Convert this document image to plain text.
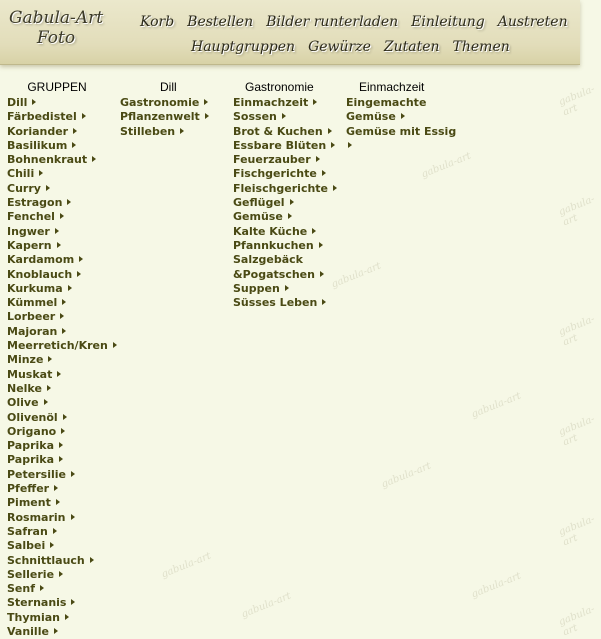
Gabula-Art
Foto
Korb Bestellen Bilder runterladen Einleitung Austreten
Hauptgruppen Gewürze Zutaten Themen
gabula-art
gabula-art
gabula-art
gabula-art
gabula-art
gabula-art
gabula-art
gabula-art
gabula-art
gabula-art
gabula-art
gabula-art
gabula-art
GRUPPEN
Dill
Färbedistel
Koriander
Basilikum
Bohnenkraut
Chili
Curry
Estragon
Fenchel
Ingwer
Kapern
Kardamom
Knoblauch
Kurkuma
Kümmel
Lorbeer
Majoran
Meerretich/Kren
Minze
Muskat
Nelke
Olive
Olivenöl
Origano
Paprika
Paprika
Petersilie
Pfeffer
Piment
Rosmarin
Safran
Salbei
Schnittlauch
Sellerie
Senf
Sternanis
Thymian
Vanille
Dill
Gastronomie
Pflanzenwelt
Stilleben
Gastronomie
Einmachzeit
Sossen
Brot & Kuchen
Essbare Blüten
Feuerzauber
Fischgerichte
Fleischgerichte
Geflügel
Gemüse
Kalte Küche
Pfannkuchen
Salzgebäck
&Pogatschen
Suppen
Süsses Leben
Einmachzeit
Eingemachte
Gemüse
Gemüse mit Essig
